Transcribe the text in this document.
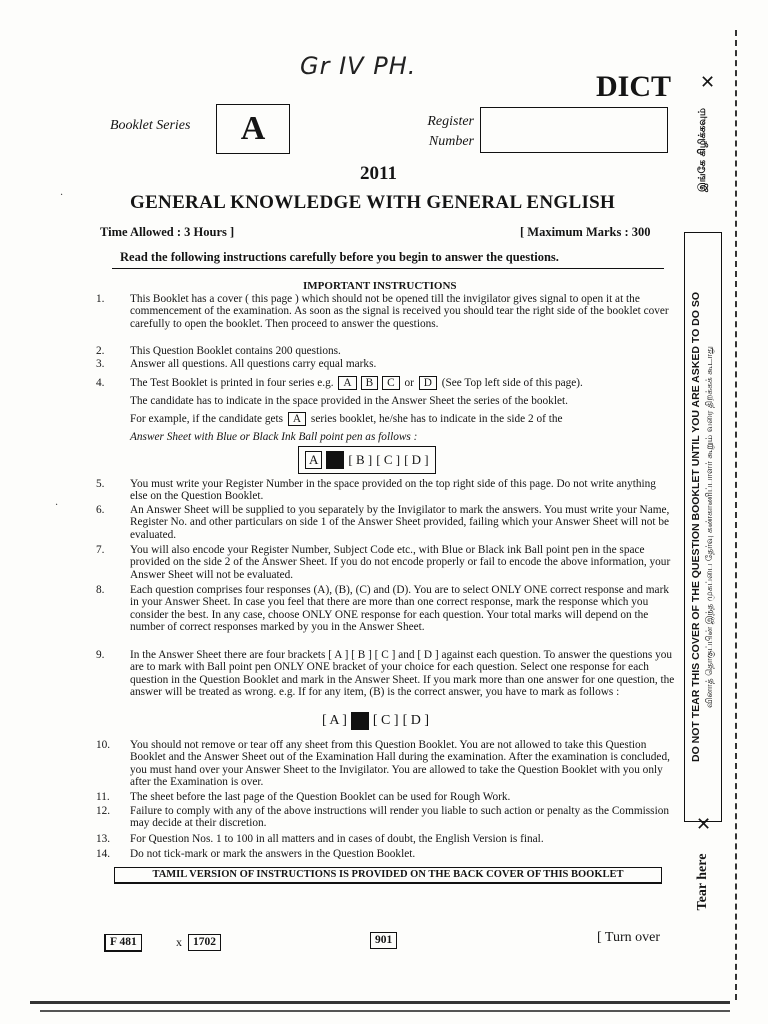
Gr IV PH.
DICT
Booklet Series	A	Register
Number
2011
GENERAL KNOWLEDGE WITH GENERAL ENGLISH
Time Allowed : 3 Hours ]	[ Maximum Marks : 300
Read the following instructions carefully before you begin to answer the questions.
IMPORTANT INSTRUCTIONS
1. This Booklet has a cover ( this page ) which should not be opened till the invigilator gives signal to open it at the commencement of the examination. As soon as the signal is received you should tear the right side of the booklet cover carefully to open the booklet. Then proceed to answer the questions.
2. This Question Booklet contains 200 questions.
3. Answer all questions. All questions carry equal marks.
4. The Test Booklet is printed in four series e.g. A B C or D (See Top left side of this page).
The candidate has to indicate in the space provided in the Answer Sheet the series of the booklet.
For example, if the candidate gets A series booklet, he/she has to indicate in the side 2 of the
Answer Sheet with Blue or Black Ink Ball point pen as follows :
A	[ B ] [ C ] [ D ]
5. You must write your Register Number in the space provided on the top right side of this page. Do not write anything else on the Question Booklet.
6. An Answer Sheet will be supplied to you separately by the Invigilator to mark the answers. You must write your Name, Register No. and other particulars on side 1 of the Answer Sheet provided, failing which your Answer Sheet will not be evaluated.
7. You will also encode your Register Number, Subject Code etc., with Blue or Black ink Ball point pen in the space provided on the side 2 of the Answer Sheet. If you do not encode properly or fail to encode the above information, your Answer Sheet will not be evaluated.
8. Each question comprises four responses (A), (B), (C) and (D). You are to select ONLY ONE correct response and mark in your Answer Sheet. In case you feel that there are more than one correct response, mark the response which you consider the best. In any case, choose ONLY ONE response for each question. Your total marks will depend on the number of correct responses marked by you in the Answer Sheet.
9. In the Answer Sheet there are four brackets [ A ] [ B ] [ C ] and [ D ] against each question. To answer the questions you are to mark with Ball point pen ONLY ONE bracket of your choice for each question. Select one response for each question in the Question Booklet and mark in the Answer Sheet. If you mark more than one answer for one question, the answer will be treated as wrong. e.g. If for any item, (B) is the correct answer, you have to mark as follows :
[ A ] [ C ] [ D ]
10. You should not remove or tear off any sheet from this Question Booklet. You are not allowed to take this Question Booklet and the Answer Sheet out of the Examination Hall during the examination. After the examination is concluded, you must hand over your Answer Sheet to the Invigilator. You are allowed to take the Question Booklet with you only after the Examination is over.
11. The sheet before the last page of the Question Booklet can be used for Rough Work.
12. Failure to comply with any of the above instructions will render you liable to such action or penalty as the Commission may decide at their discretion.
13. For Question Nos. 1 to 100 in all matters and in cases of doubt, the English Version is final.
14. Do not tick-mark or mark the answers in the Question Booklet.
TAMIL VERSION OF INSTRUCTIONS IS PROVIDED ON THE BACK COVER OF THIS BOOKLET
F 481	x 1702	901	[ Turn over
✕
இங்கே கிழிக்கவும்
DO NOT TEAR THIS COVER OF THE QUESTION BOOKLET UNTIL YOU ARE ASKED TO DO SO வினாத் தொகுப்பின் இந்த முகப்பை தேர்வு கண்காணிப்பாளர் கூறும் வரை திறக்கக் கூடாது
✕
Tear here
·
·
